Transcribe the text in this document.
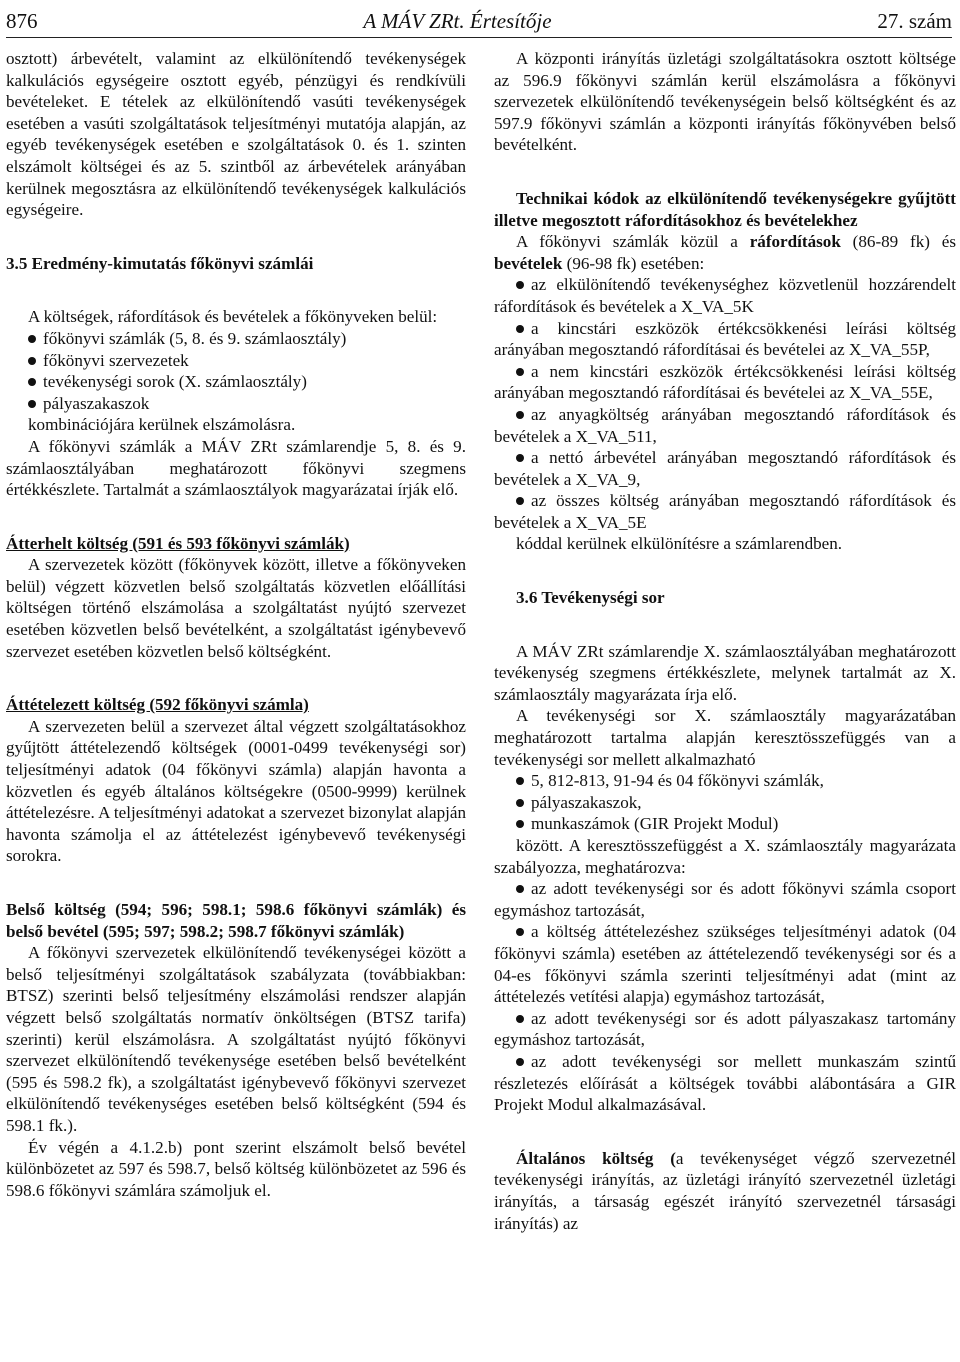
876	A MÁV ZRt. Értesítője	27. szám

osztott) árbevételt, valamint az elkülönítendő tevékenységek kalkulációs egységeire osztott egyéb, pénzügyi és rendkívüli bevételeket. E tételek az elkülönítendő vasúti tevékenységek esetében a vasúti szolgáltatások teljesítményi mutatója alapján, az egyéb tevékenységek esetében e szolgáltatások 0. és 1. szinten elszámolt költségei és az 5. szintből az árbevételek arányában kerülnek megosztásra az elkülönítendő tevékenységek kalkulációs egységeire.

3.5 Eredmény-kimutatás főkönyvi számlái

A költségek, ráfordítások és bevételek a főkönyveken belül:

főkönyvi számlák (5, 8. és 9. számlaosztály)
főkönyvi szervezetek
tevékenységi sorok (X. számlaosztály)
pályaszakaszok

kombinációjára kerülnek elszámolásra.

A főkönyvi számlák a MÁV ZRt számlarendje 5, 8. és 9. számlaosztályában meghatározott főkönyvi szegmens értékkészlete. Tartalmát a számlaosztályok magyarázatai írják elő.

Átterhelt költség (591 és 593 főkönyvi számlák)

A szervezetek között (főkönyvek között, illetve a főkönyveken belül) végzett közvetlen belső szolgáltatás közvetlen előállítási költségen történő elszámolása a szolgáltatást nyújtó szervezet esetében közvetlen belső bevételként, a szolgáltatást igénybevevő szervezet esetében közvetlen belső költségként.

Áttételezett költség (592 főkönyvi számla)

A szervezeten belül a szervezet által végzett szolgáltatásokhoz gyűjtött áttételezendő költségek (0001-0499 tevékenységi sor) teljesítményi adatok (04 főkönyvi számla) alapján havonta a közvetlen és egyéb általános költségekre (0500-9999) kerülnek áttételezésre. A teljesítményi adatokat a szervezet bizonylat alapján havonta számolja el az áttételezést igénybevevő tevékenységi sorokra.

Belső költség (594; 596; 598.1; 598.6 főkönyvi számlák) és belső bevétel (595; 597; 598.2; 598.7 főkönyvi számlák)

A főkönyvi szervezetek elkülönítendő tevékenységei között a belső teljesítményi szolgáltatások szabályzata (továbbiakban: BTSZ) szerinti belső teljesítmény elszámolási rendszer alapján végzett belső szolgáltatás normatív önköltségen (BTSZ tarifa) szerinti) kerül elszámolásra. A szolgáltatást nyújtó főkönyvi szervezet elkülönítendő tevékenysége esetében belső bevételként (595 és 598.2 fk), a szolgáltatást igénybevevő főkönyvi szervezet elkülönítendő tevékenységes esetében belső költségként (594 és 598.1 fk.).

Év végén a 4.1.2.b) pont szerint elszámolt belső bevétel különbözetet az 597 és 598.7, belső költség különbözetet az 596 és 598.6 főkönyvi számlára számoljuk el.

A központi irányítás üzletági szolgáltatásokra osztott költsége az 596.9 főkönyvi számlán kerül elszámolásra a főkönyvi szervezetek elkülönítendő tevékenységein belső költségként és az 597.9 főkönyvi számlán a központi irányítás főkönyvében belső bevételként.

Technikai kódok az elkülönítendő tevékenységekre gyűjtött illetve megosztott ráfordításokhoz és bevételekhez

A főkönyvi számlák közül a ráfordítások (86-89 fk) és bevételek (96-98 fk) esetében:

az elkülönítendő tevékenységhez közvetlenül hozzárendelt ráfordítások és bevételek a X_VA_5K
a kincstári eszközök értékcsökkenési leírási költség arányában megosztandó ráfordításai és bevételei az X_VA_55P,
a nem kincstári eszközök értékcsökkenési leírási költség arányában megosztandó ráfordításai és bevételei az X_VA_55E,
az anyagköltség arányában megosztandó ráfordítások és bevételek a X_VA_511,
a nettó árbevétel arányában megosztandó ráfordítások és bevételek a X_VA_9,
az összes költség arányában megosztandó ráfordítások és bevételek a X_VA_5E

kóddal kerülnek elkülönítésre a számlarendben.

3.6 Tevékenységi sor

A MÁV ZRt számlarendje X. számlaosztályában meghatározott tevékenység szegmens értékkészlete, melynek tartalmát az X. számlaosztály magyarázata írja elő.

A tevékenységi sor X. számlaosztály magyarázatában meghatározott tartalma alapján keresztösszefüggés van a tevékenységi sor mellett alkalmazható

5, 812-813, 91-94 és 04 főkönyvi számlák,
pályaszakaszok,
munkaszámok (GIR Projekt Modul)

között. A keresztösszefüggést a X. számlaosztály magyarázata szabályozza, meghatározva:

az adott tevékenységi sor és adott főkönyvi számla csoport egymáshoz tartozását,
a költség áttételezéshez szükséges teljesítményi adatok (04 főkönyvi számla) esetében az áttételezendő tevékenységi sor és a 04-es főkönyvi számla szerinti teljesítményi adat (mint az áttételezés vetítési alapja) egymáshoz tartozását,
az adott tevékenységi sor és adott pályaszakasz tartomány egymáshoz tartozását,
az adott tevékenységi sor mellett munkaszám szintű részletezés előírását a költségek további alábontására a GIR Projekt Modul alkalmazásával.

Általános költség (a tevékenységet végző szervezetnél tevékenységi irányítás, az üzletági irányító szervezetnél üzletági irányítás, a társaság egészét irányító szervezetnél társasági irányítás) az
